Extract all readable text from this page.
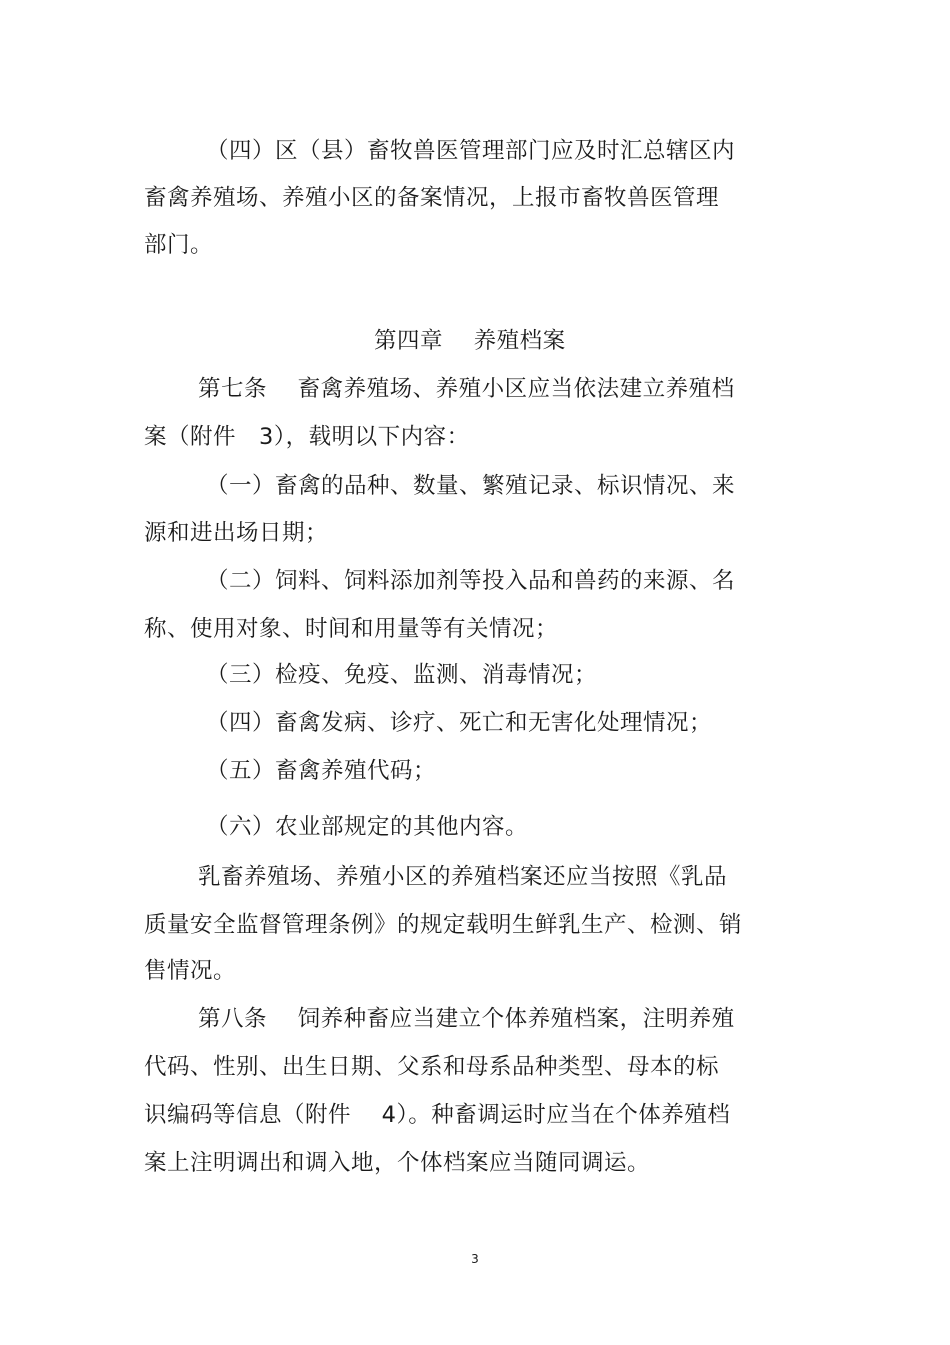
（四）区（县）畜牧兽医管理部门应及时汇总辖区内
畜禽养殖场、养殖小区的备案情况，上报市畜牧兽医管理
部门。
第四章　 养殖档案
第七条　 畜禽养殖场、养殖小区应当依法建立养殖档
案（附件　3），载明以下内容：
（一）畜禽的品种、数量、繁殖记录、标识情况、来
源和进出场日期；
（二）饲料、饲料添加剂等投入品和兽药的来源、名
称、使用对象、时间和用量等有关情况；
（三）检疫、免疫、监测、消毒情况；
（四）畜禽发病、诊疗、死亡和无害化处理情况；
（五）畜禽养殖代码；
（六）农业部规定的其他内容。
乳畜养殖场、养殖小区的养殖档案还应当按照《乳品
质量安全监督管理条例》的规定载明生鲜乳生产、检测、销
售情况。
第八条　 饲养种畜应当建立个体养殖档案，注明养殖
代码、性别、出生日期、父系和母系品种类型、母本的标
识编码等信息（附件　 4）。种畜调运时应当在个体养殖档
案上注明调出和调入地，个体档案应当随同调运。
3
